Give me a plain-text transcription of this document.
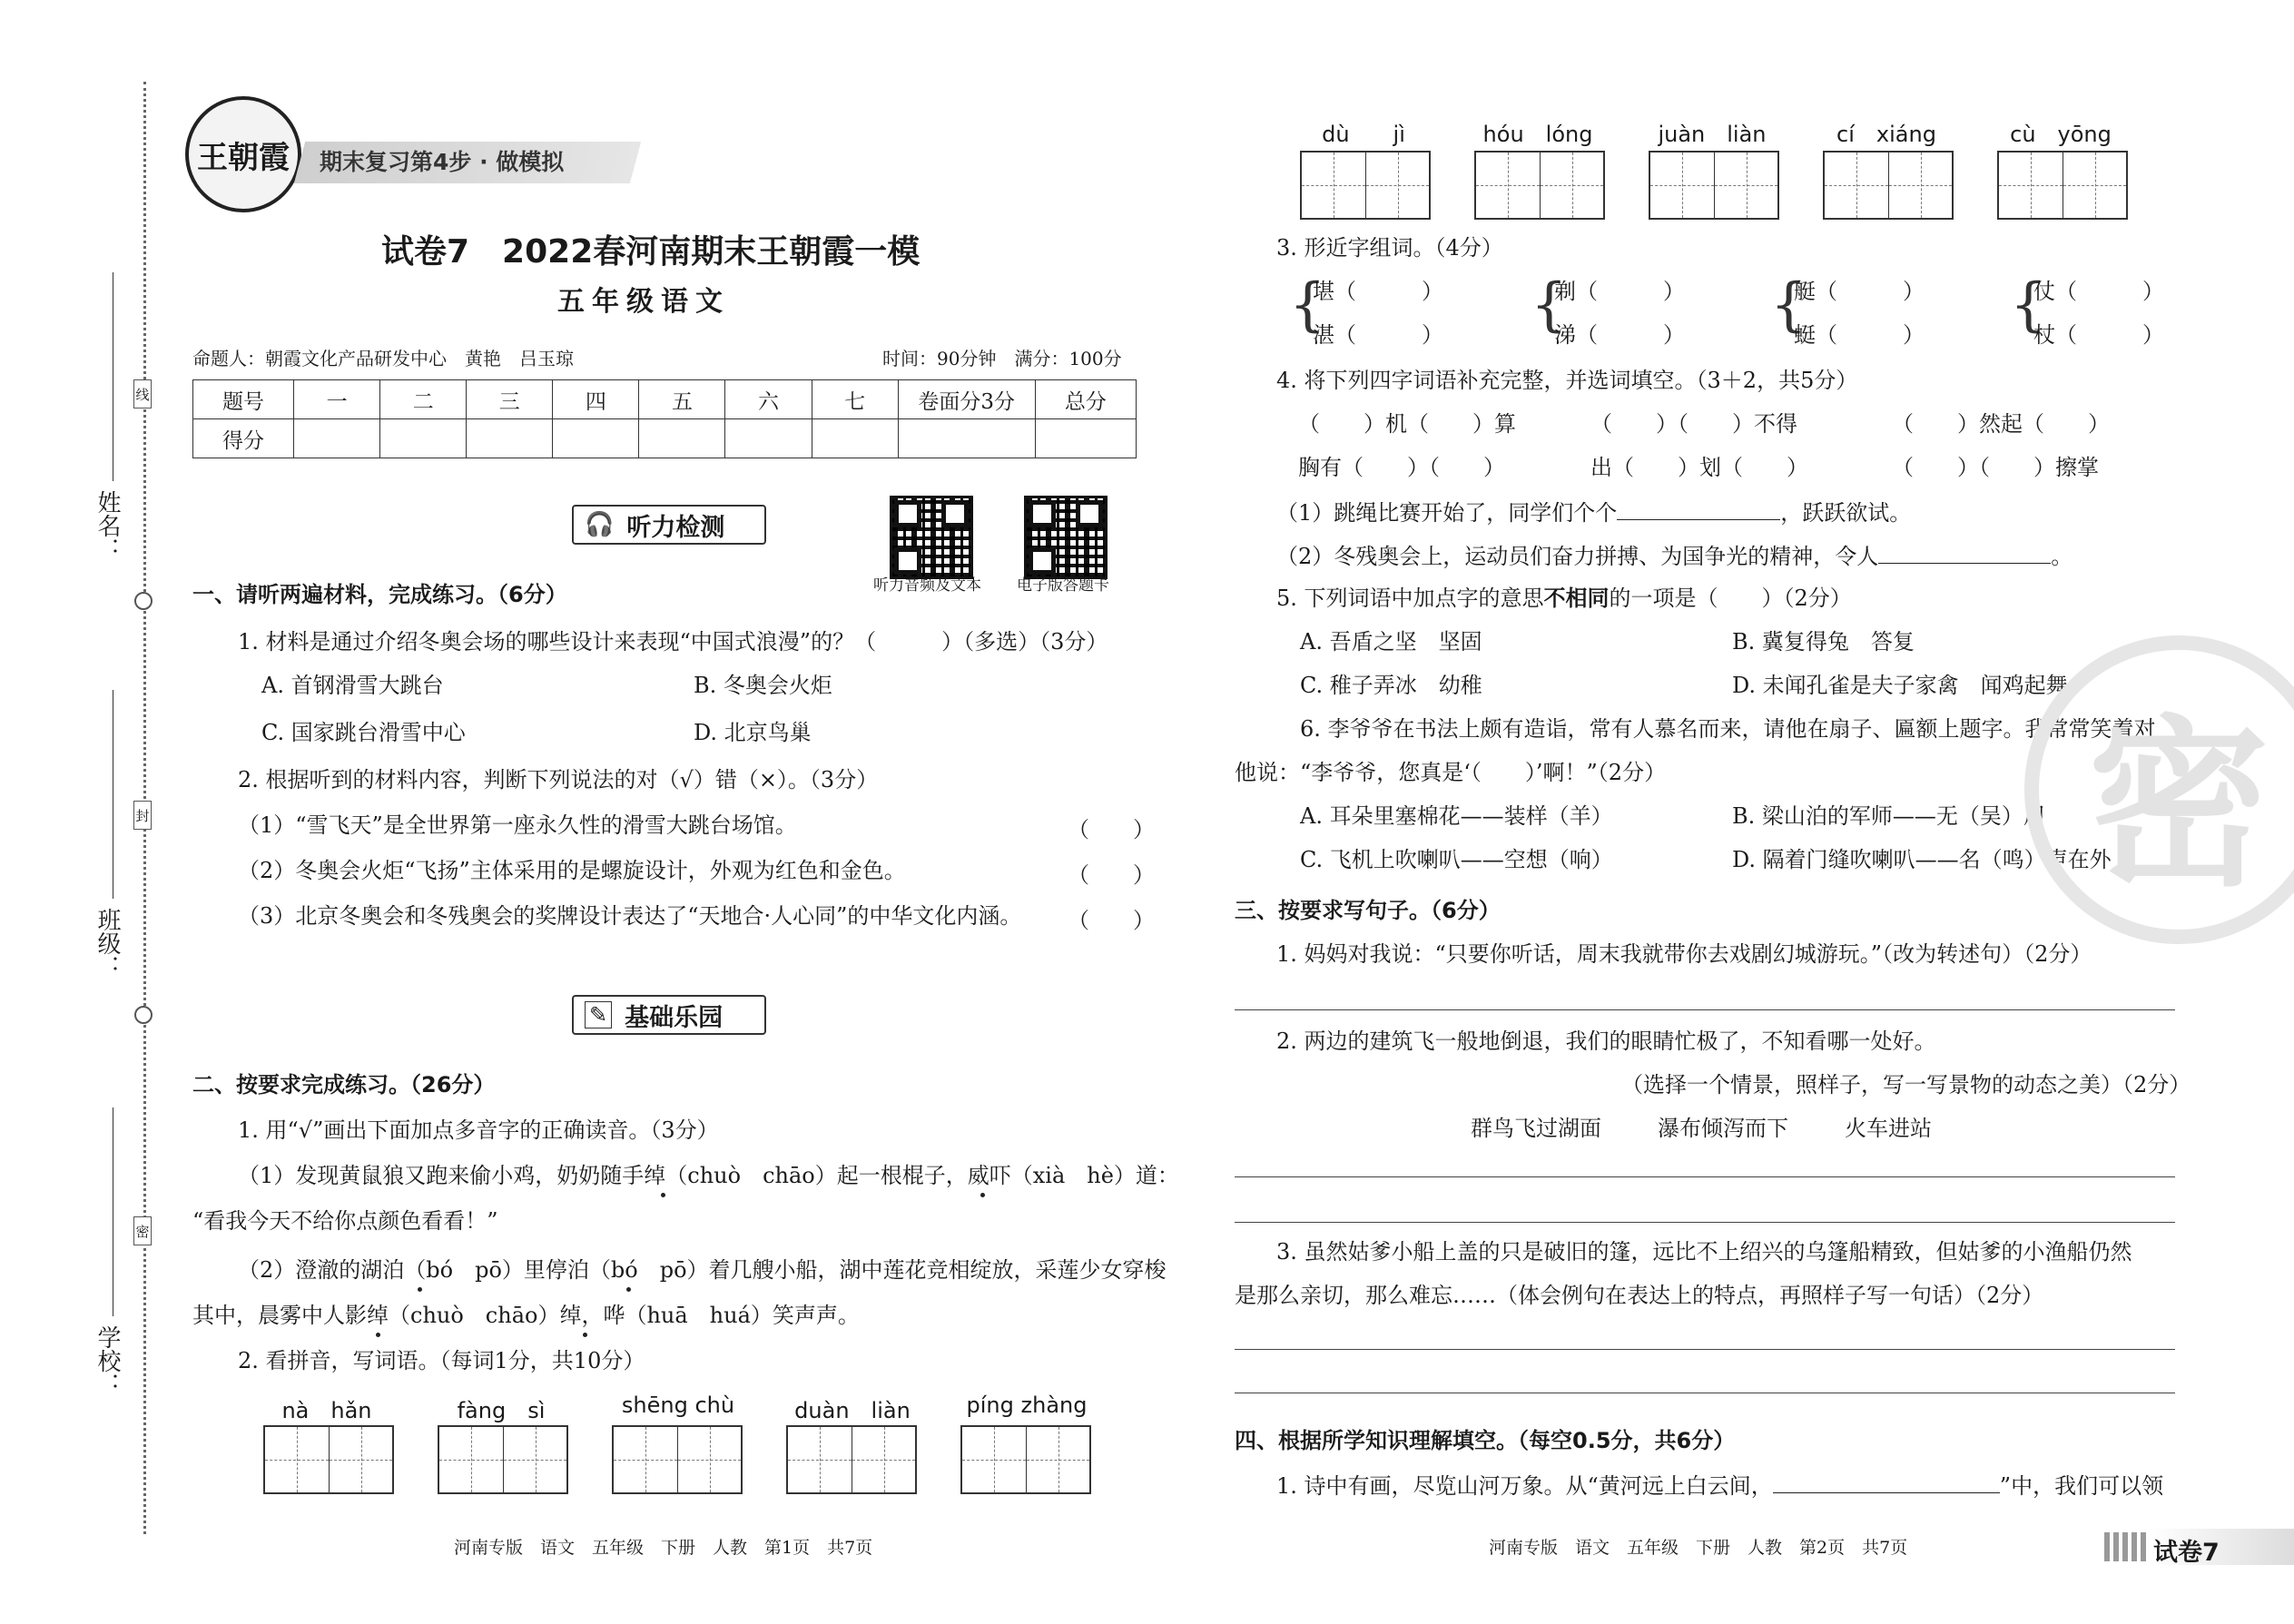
线
封
密
姓名：
班级：
学校：
王朝霞 期末复习第4步 · 做模拟
试卷7　2022春河南期末王朝霞一模
五年级语文
命题人：朝霞文化产品研发中心　黄艳　吕玉琼	时间：90分钟　满分：100分
题号	一	二	三	四	五	六	七	卷面分3分	总分
得分									
🎧 听力检测
听力音频及文本 电子版答题卡
一、请听两遍材料，完成练习。（6分）
1. 材料是通过介绍冬奥会场的哪些设计来表现“中国式浪漫”的？（　　　）（多选）（3分）
A. 首钢滑雪大跳台	B. 冬奥会火炬
C. 国家跳台滑雪中心	D. 北京鸟巢
2. 根据听到的材料内容，判断下列说法的对（√）错（×）。（3分）
（1）“雪飞天”是全世界第一座永久性的滑雪大跳台场馆。	（　　）
（2）冬奥会火炬“飞扬”主体采用的是螺旋设计，外观为红色和金色。	（　　）
（3）北京冬奥会和冬残奥会的奖牌设计表达了“天地合·人心同”的中华文化内涵。 （　　）
✎ 基础乐园
二、按要求完成练习。（26分）
1. 用“√”画出下面加点多音字的正确读音。（3分）
（1）发现黄鼠狼又跑来偷小鸡，奶奶随手绰（chuò　chāo）起一根棍子，威吓（xià　hè）道：
“看我今天不给你点颜色看看！”
（2）澄澈的湖泊（bó　pō）里停泊（bó　pō）着几艘小船，湖中莲花竞相绽放，采莲少女穿梭
其中，晨雾中人影绰（chuò　chāo）绰，哗（huā　huá）笑声声。
2. 看拼音，写词语。（每词1分，共10分）
nà　 hǎn	fàng　 sì	shēng chù	duàn　 liàn	píng zhàng
河南专版　语文　五年级　下册　人教　第1页　共7页
dù　　 jì	hóu　 lóng	juàn　 liàn	cí　 xiáng	cù　 yōng
3. 形近字组词。（4分）
{
堪（　　　）
湛（　　　） {
剃（　　　）
涕（　　　） {
艇（　　　）
蜓（　　　） {
仗（　　　）
杖（　　　）
4. 将下列四字词语补充完整，并选词填空。（3＋2，共5分）
（　　）机（　　）算	（　　）（　　）不得	（　　）然起（　　）
胸有（　　）（　　）	出（　　）划（　　）	（　　）（　　）擦掌
（1）跳绳比赛开始了，同学们个个	，跃跃欲试。
（2）冬残奥会上，运动员们奋力拼搏、为国争光的精神，令人	。
5. 下列词语中加点字的意思不相同的一项是（　　）（2分）
A. 吾盾之坚　坚固	B. 冀复得兔　答复
C. 稚子弄冰　幼稚	D. 未闻孔雀是夫子家禽　闻鸡起舞
6. 李爷爷在书法上颇有造诣，常有人慕名而来，请他在扇子、匾额上题字。我常常笑着对
他说：“李爷爷，您真是‘（　　）’啊！”（2分）
A. 耳朵里塞棉花——装样（羊）	B. 梁山泊的军师——无（吴）用
C. 飞机上吹喇叭——空想（响）	D. 隔着门缝吹喇叭——名（鸣）声在外
三、按要求写句子。（6分）
1. 妈妈对我说：“只要你听话，周末我就带你去戏剧幻城游玩。”（改为转述句）（2分）
2. 两边的建筑飞一般地倒退，我们的眼睛忙极了，不知看哪一处好。
（选择一个情景，照样子，写一写景物的动态之美）（2分）
群鸟飞过湖面	瀑布倾泻而下	火车进站
3. 虽然姑爹小船上盖的只是破旧的篷，远比不上绍兴的乌篷船精致，但姑爹的小渔船仍然
是那么亲切，那么难忘……（体会例句在表达上的特点，再照样子写一句话）（2分）
四、根据所学知识理解填空。（每空0.5分，共6分）
1. 诗中有画，尽览山河万象。从“黄河远上白云间，	”中，我们可以领
河南专版　语文　五年级　下册　人教　第2页　共7页	试卷7
密
